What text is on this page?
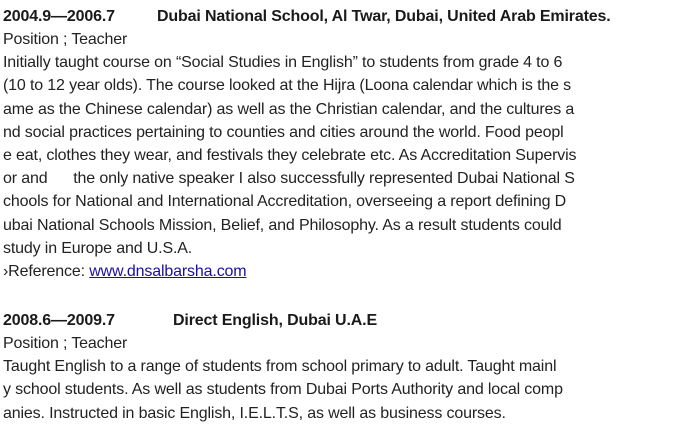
2004.9—2006.7	Dubai National School, Al Twar, Dubai, United Arab Emirates.
Position ; Teacher
Initially taught course on “Social Studies in English” to students from grade 4 to 6
(10 to 12 year olds). The course looked at the Hijra (Loona calendar which is the s
ame as the Chinese calendar) as well as the Christian calendar, and the cultures a
nd social practices pertaining to counties and cities around the world. Food peopl
e eat, clothes they wear, and festivals they celebrate etc. As Accreditation Supervis
or and      the only native speaker I also successfully represented Dubai National S
chools for National and International Accreditation, overseeing a report defining D
ubai National Schools Mission, Belief, and Philosophy. As a result students could
study in Europe and U.S.A.
›Reference: www.dnsalbarsha.com
2008.6—2009.7	Direct English, Dubai U.A.E
Position ; Teacher
Taught English to a range of students from school primary to adult. Taught mainl
y school students. As well as students from Dubai Ports Authority and local comp
anies. Instructed in basic English, I.E.L.T.S, as well as business courses.
